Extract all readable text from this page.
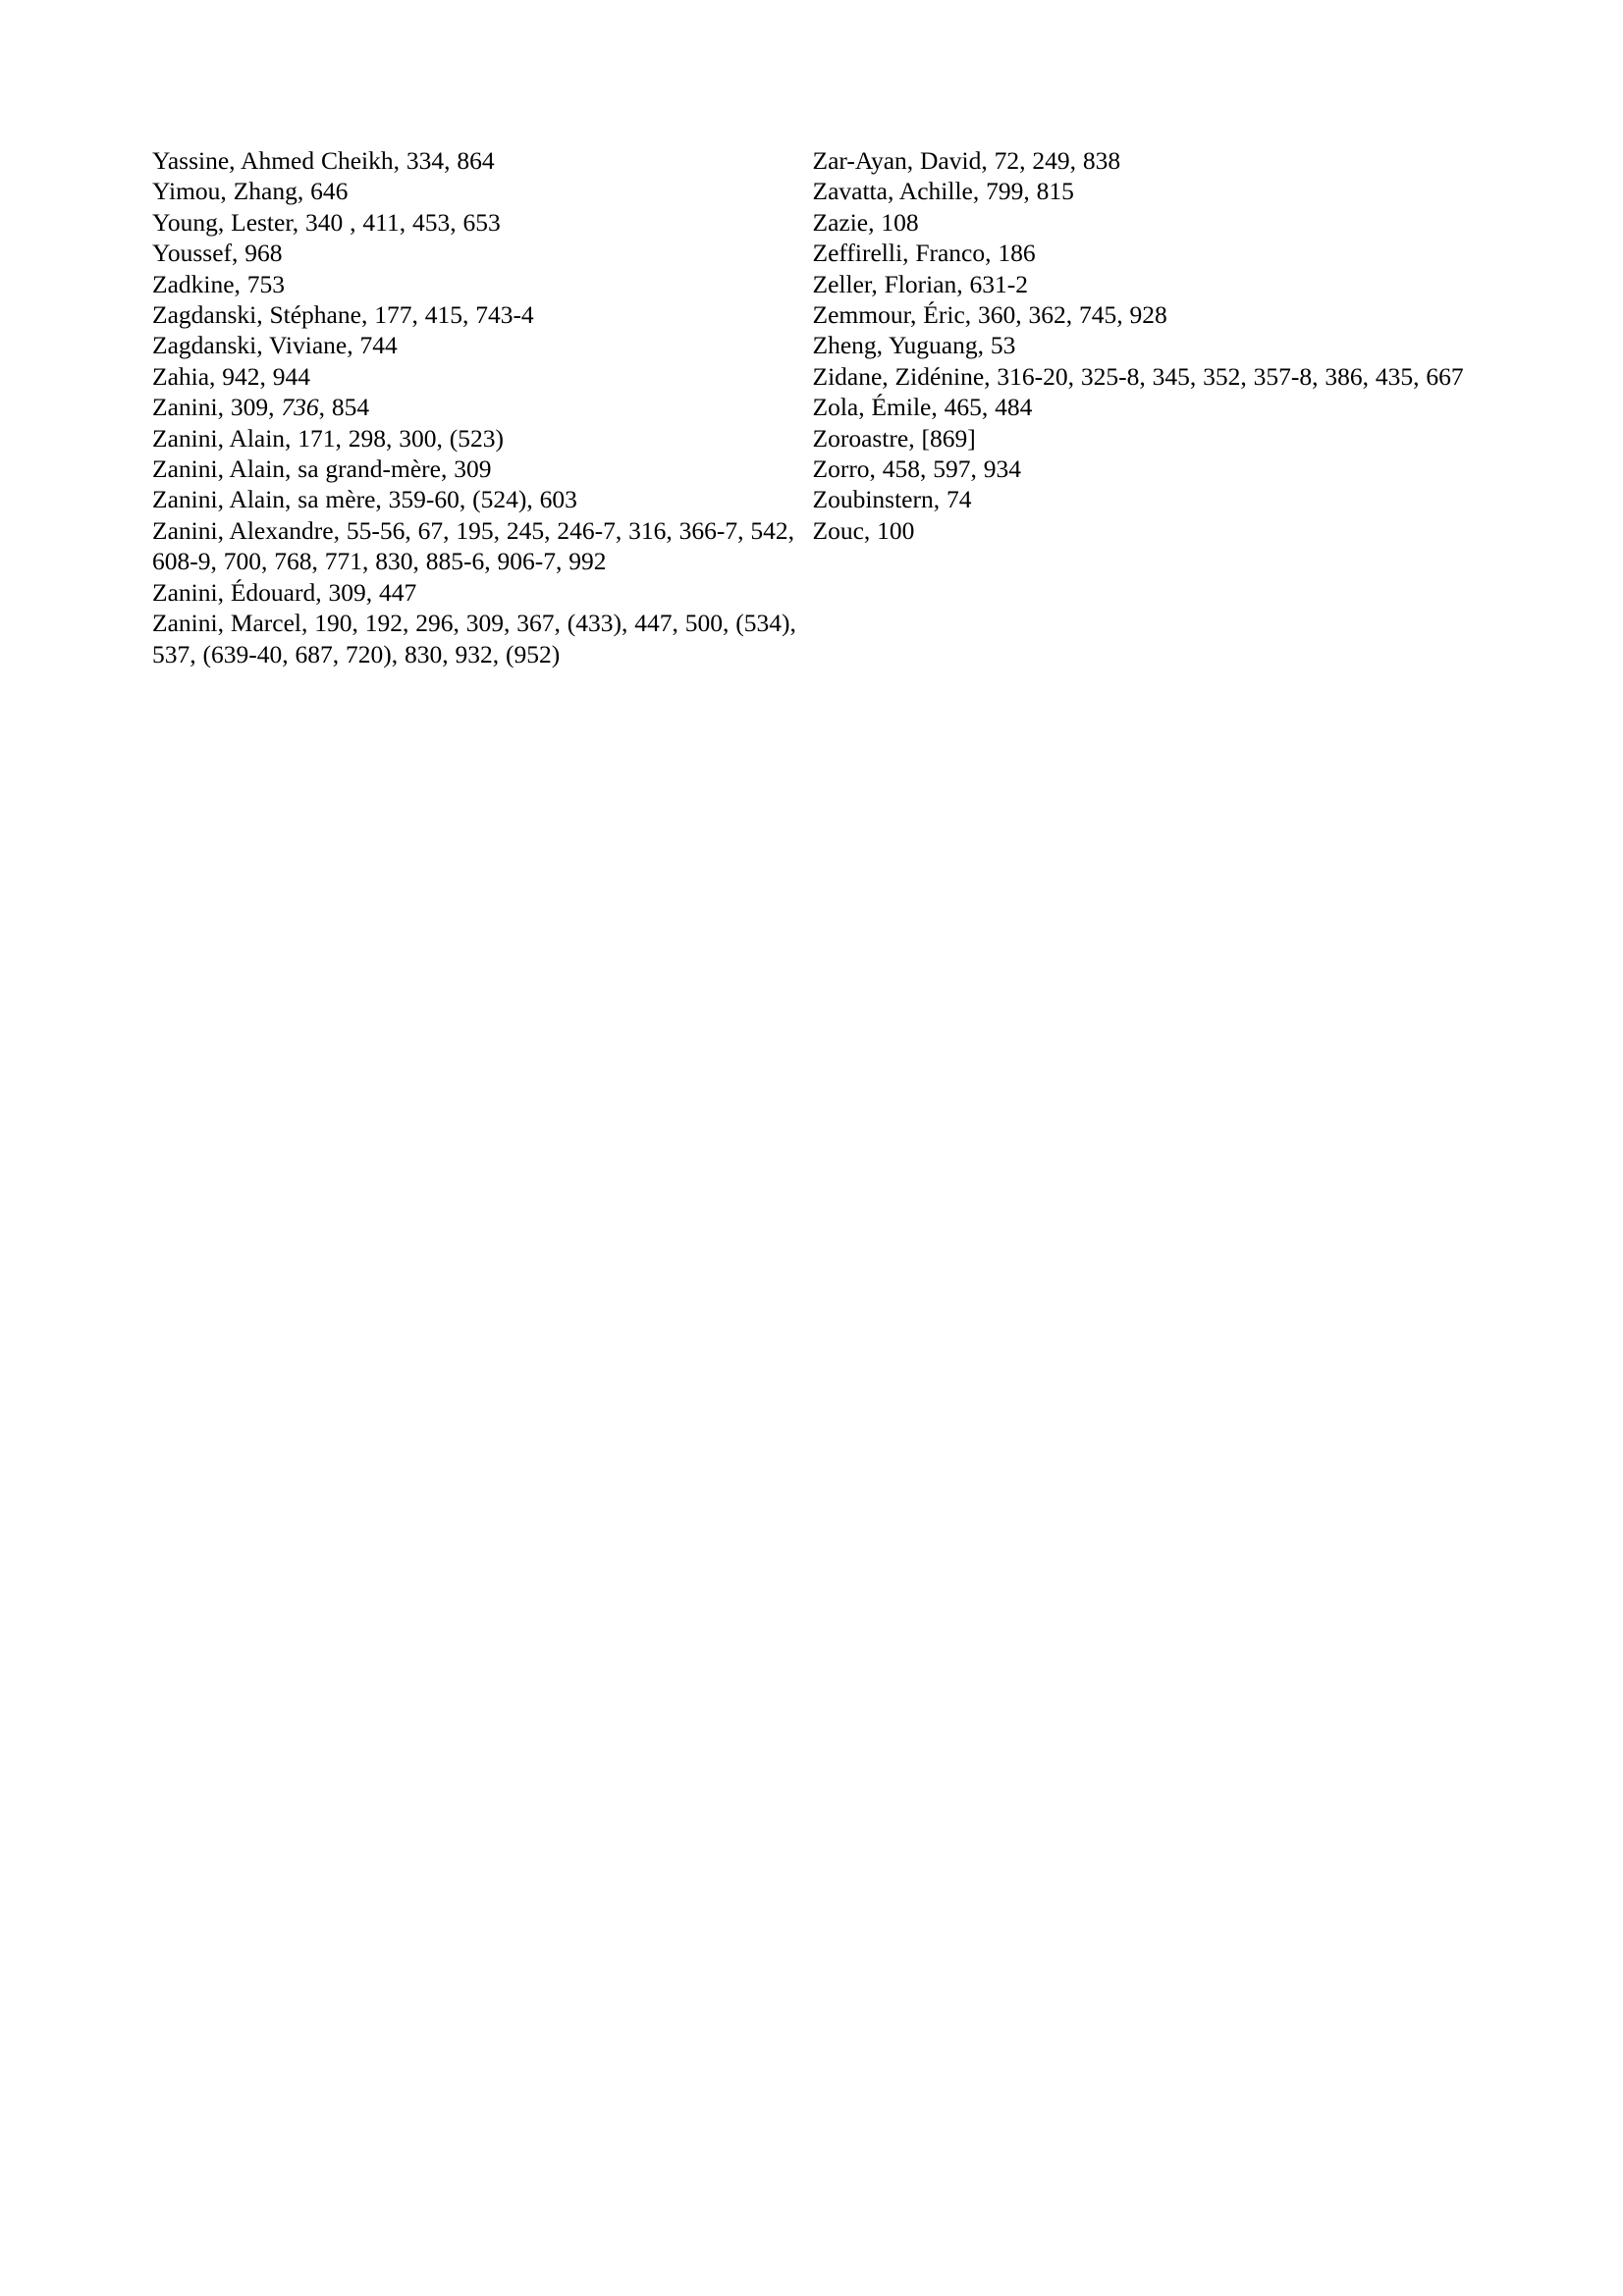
Yassine, Ahmed Cheikh, 334, 864
Yimou, Zhang, 646
Young, Lester, 340 , 411, 453, 653
Youssef, 968
Zadkine, 753
Zagdanski, Stéphane, 177, 415, 743-4
Zagdanski, Viviane, 744
Zahia, 942, 944
Zanini, 309, 736, 854
Zanini, Alain, 171, 298, 300, (523)
Zanini, Alain, sa grand-mère, 309
Zanini, Alain, sa mère, 359-60, (524), 603
Zanini, Alexandre, 55-56, 67, 195, 245, 246-7, 316, 366-7, 542, 608-9, 700, 768, 771, 830, 885-6, 906-7, 992
Zanini, Édouard, 309, 447
Zanini, Marcel, 190, 192, 296, 309, 367, (433), 447, 500, (534), 537, (639-40, 687, 720), 830, 932, (952)
Zar-Ayan, David, 72, 249, 838
Zavatta, Achille, 799, 815
Zazie, 108
Zeffirelli, Franco, 186
Zeller, Florian, 631-2
Zemmour, Éric, 360, 362, 745, 928
Zheng, Yuguang, 53
Zidane, Zidénine, 316-20, 325-8, 345, 352, 357-8, 386, 435, 667
Zola, Émile, 465, 484
Zoroastre, [869]
Zorro, 458, 597, 934
Zoubinstern, 74
Zouc, 100
